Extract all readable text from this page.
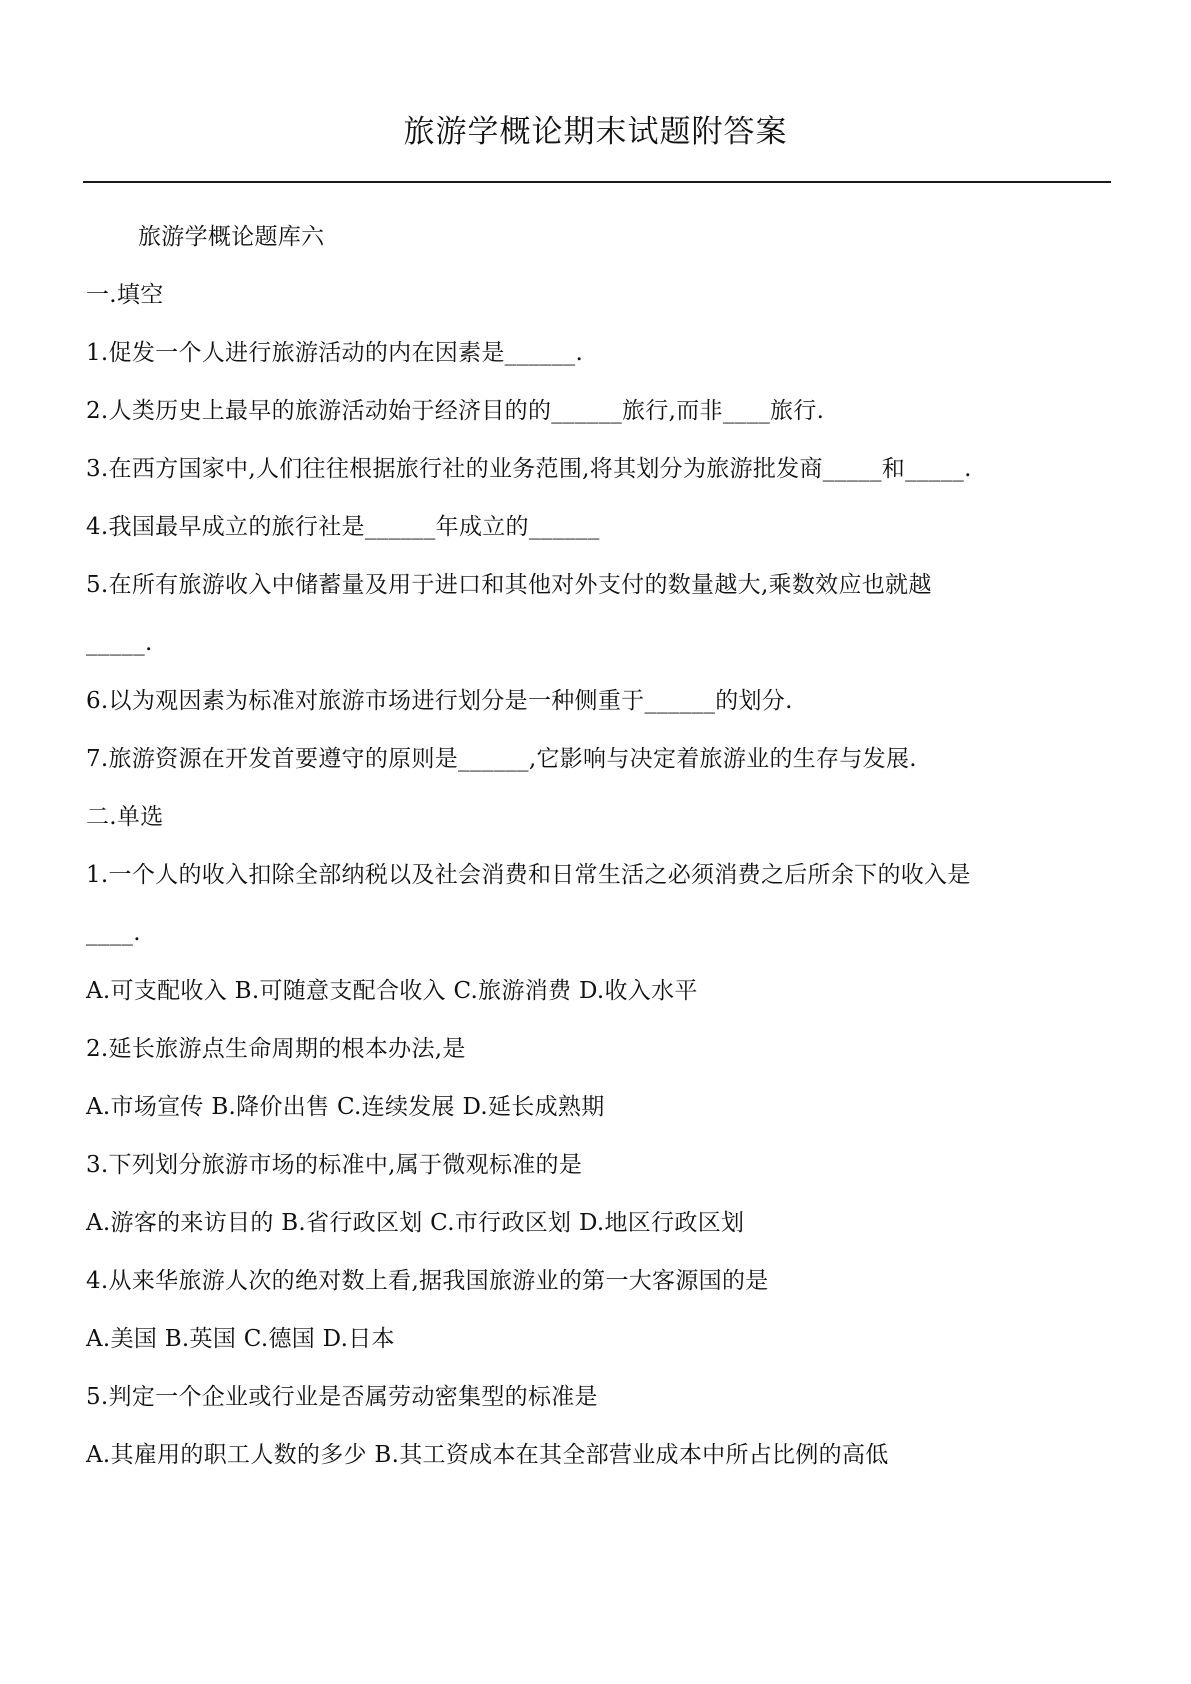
旅游学概论期末试题附答案
旅游学概论题库六
一.填空
1.促发一个人进行旅游活动的内在因素是______.
2.人类历史上最早的旅游活动始于经济目的的______旅行,而非____旅行.
3.在西方国家中,人们往往根据旅行社的业务范围,将其划分为旅游批发商_____和_____.
4.我国最早成立的旅行社是______年成立的______
5.在所有旅游收入中储蓄量及用于进口和其他对外支付的数量越大,乘数效应也就越
_____.
6.以为观因素为标准对旅游市场进行划分是一种侧重于______的划分.
7.旅游资源在开发首要遵守的原则是______,它影响与决定着旅游业的生存与发展.
二.单选
1.一个人的收入扣除全部纳税以及社会消费和日常生活之必须消费之后所余下的收入是
____.
A.可支配收入 B.可随意支配合收入 C.旅游消费 D.收入水平
2.延长旅游点生命周期的根本办法,是
A.市场宣传 B.降价出售 C.连续发展 D.延长成熟期
3.下列划分旅游市场的标准中,属于微观标准的是
A.游客的来访目的 B.省行政区划 C.市行政区划 D.地区行政区划
4.从来华旅游人次的绝对数上看,据我国旅游业的第一大客源国的是
A.美国 B.英国 C.德国 D.日本
5.判定一个企业或行业是否属劳动密集型的标准是
A.其雇用的职工人数的多少 B.其工资成本在其全部营业成本中所占比例的高低
